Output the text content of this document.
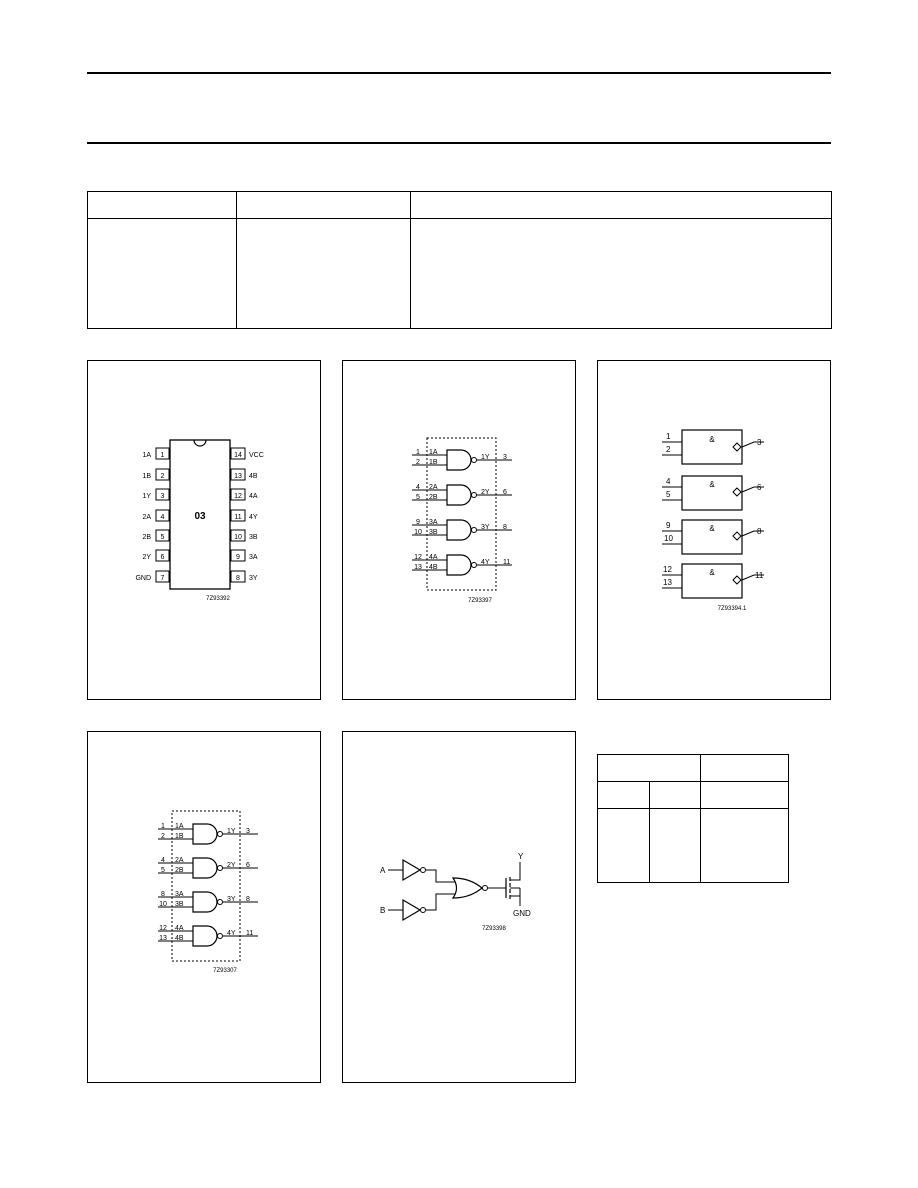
03
1
1A
2
1B
3
1Y
4
2A
5
2B
6
2Y
7
GND
14 VCC
13 4B
12 4A
11 4Y
10 3B
9 3A
8 3Y
7Z93392
1
2
1A
1B
1Y 3
4
5
2A
2B
2Y 6
9
10
3A
3B
3Y 8
12
13
4A
4B
4Y 11
7Z93397
&
1
2
3
&
4
5
6
&
9
10
8
&
12
13
11
7Z93394.1
1
2
1A
1B
1Y 3
4
5
2A
2B
2Y 6
8
10
3A
3B
3Y 8
12
13
4A
4B
4Y 11
7Z93307
A
B
Y
GND
7Z93398
